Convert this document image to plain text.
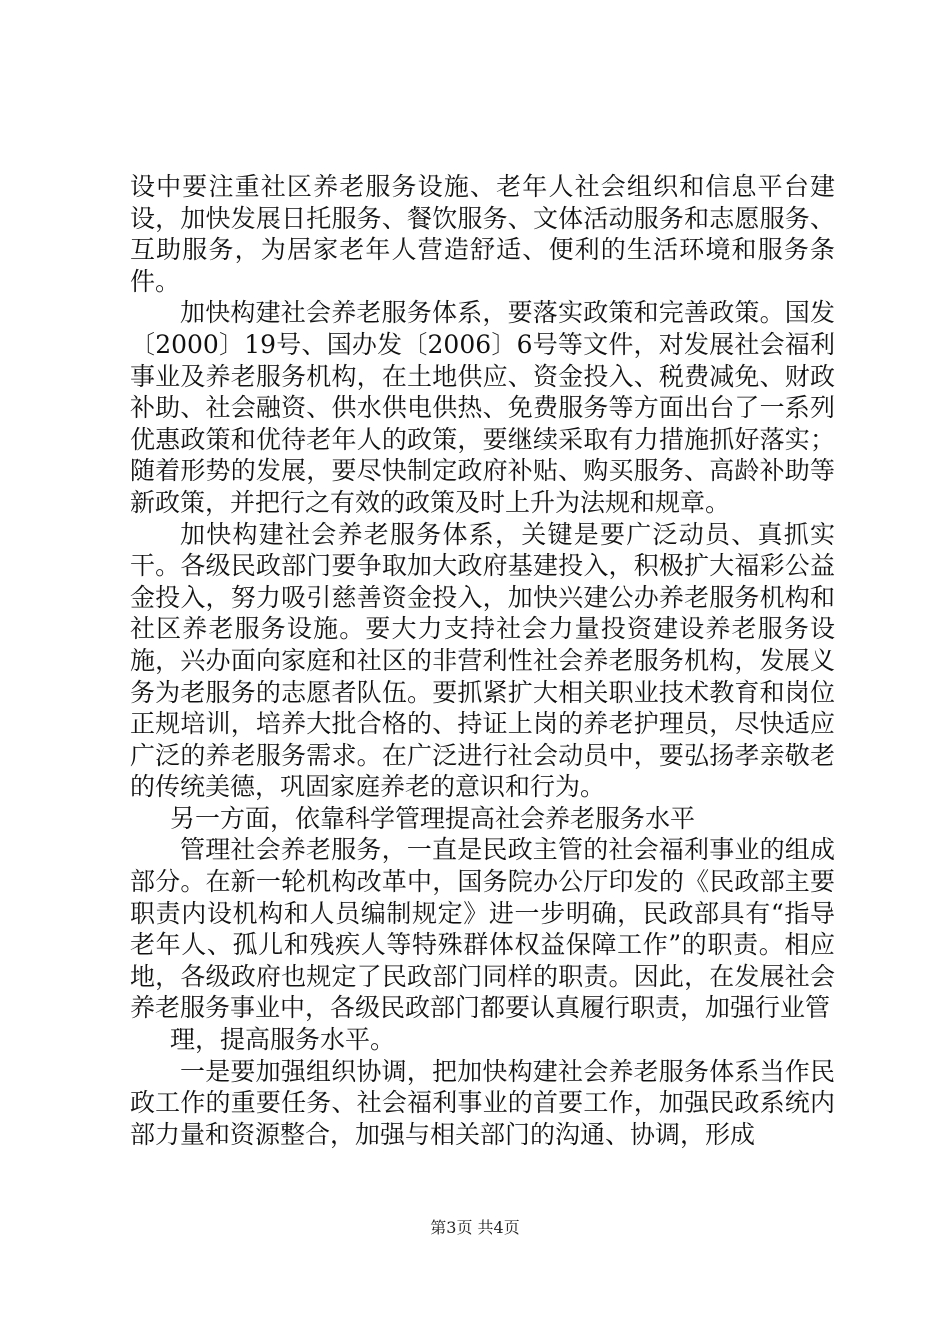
设中要注重社区养老服务设施、老年人社会组织和信息平台建设，加快发展日托服务、餐饮服务、文体活动服务和志愿服务、互助服务，为居家老年人营造舒适、便利的生活环境和服务条件。

加快构建社会养老服务体系，要落实政策和完善政策。国发〔2000〕19号、国办发〔2006〕6号等文件，对发展社会福利事业及养老服务机构，在土地供应、资金投入、税费减免、财政补助、社会融资、供水供电供热、免费服务等方面出台了一系列优惠政策和优待老年人的政策，要继续采取有力措施抓好落实；随着形势的发展，要尽快制定政府补贴、购买服务、高龄补助等新政策，并把行之有效的政策及时上升为法规和规章。

加快构建社会养老服务体系，关键是要广泛动员、真抓实干。各级民政部门要争取加大政府基建投入，积极扩大福彩公益金投入，努力吸引慈善资金投入，加快兴建公办养老服务机构和社区养老服务设施。要大力支持社会力量投资建设养老服务设施，兴办面向家庭和社区的非营利性社会养老服务机构，发展义务为老服务的志愿者队伍。要抓紧扩大相关职业技术教育和岗位正规培训，培养大批合格的、持证上岗的养老护理员，尽快适应广泛的养老服务需求。在广泛进行社会动员中，要弘扬孝亲敬老的传统美德，巩固家庭养老的意识和行为。

另一方面，依靠科学管理提高社会养老服务水平

管理社会养老服务，一直是民政主管的社会福利事业的组成部分。在新一轮机构改革中，国务院办公厅印发的《民政部主要职责内设机构和人员编制规定》进一步明确，民政部具有“指导老年人、孤儿和残疾人等特殊群体权益保障工作”的职责。相应地，各级政府也规定了民政部门同样的职责。因此，在发展社会养老服务事业中，各级民政部门都要认真履行职责，加强行业管

理，提高服务水平。

一是要加强组织协调，把加快构建社会养老服务体系当作民政工作的重要任务、社会福利事业的首要工作，加强民政系统内部力量和资源整合，加强与相关部门的沟通、协调，形成

第3页 共4页
